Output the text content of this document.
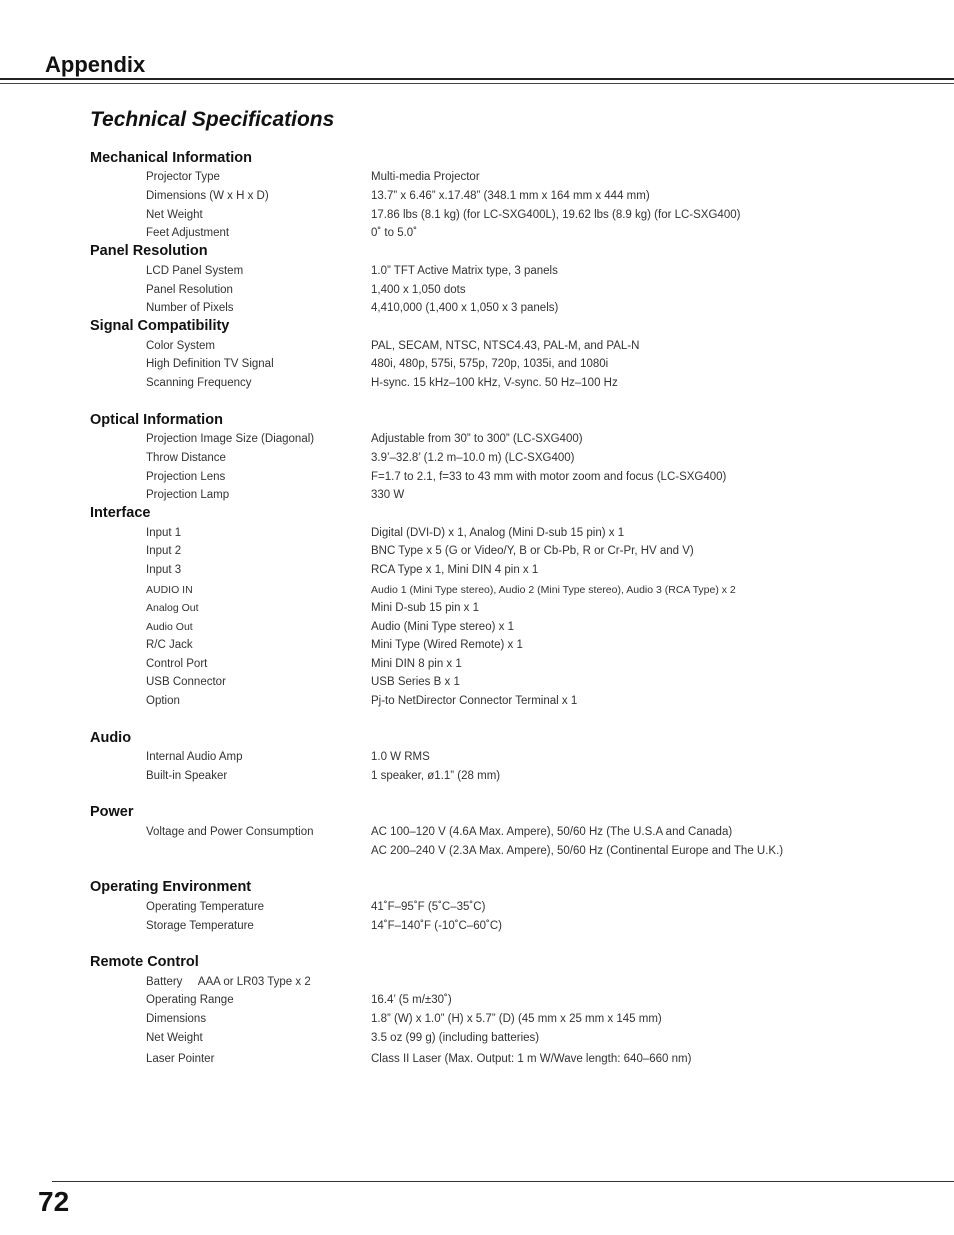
Appendix
Technical Specifications
Mechanical Information
Projector Type	Multi-media Projector
Dimensions (W x H x D)	13.7” x 6.46” x.17.48” (348.1 mm x 164 mm x 444 mm)
Net Weight	17.86 lbs (8.1 kg) (for LC-SXG400L), 19.62 lbs (8.9 kg) (for LC-SXG400)
Feet Adjustment	0˚ to 5.0˚
Panel Resolution
LCD Panel System	1.0” TFT Active Matrix type, 3 panels
Panel Resolution	1,400 x 1,050 dots
Number of Pixels	4,410,000 (1,400 x 1,050 x 3 panels)
Signal Compatibility
Color System	PAL, SECAM, NTSC, NTSC4.43, PAL-M, and PAL-N
High Definition TV Signal	480i, 480p, 575i, 575p, 720p, 1035i, and 1080i
Scanning Frequency	H-sync. 15 kHz–100 kHz, V-sync. 50 Hz–100 Hz
Optical Information
Projection Image Size (Diagonal)	Adjustable from 30” to 300” (LC-SXG400)
Throw Distance	3.9’–32.8’ (1.2 m–10.0 m) (LC-SXG400)
Projection Lens	F=1.7 to 2.1, f=33 to 43 mm with motor zoom and focus (LC-SXG400)
Projection Lamp	330 W
Interface
Input 1	Digital (DVI-D) x 1, Analog (Mini D-sub 15 pin) x 1
Input 2	BNC Type x 5 (G or Video/Y, B or Cb-Pb, R or Cr-Pr, HV and V)
Input 3	RCA Type x 1, Mini DIN 4 pin x 1
AUDIO IN	Audio 1 (Mini Type stereo), Audio 2 (Mini Type stereo), Audio 3 (RCA Type) x 2
Analog Out	Mini D-sub 15 pin x 1
Audio Out	Audio (Mini Type stereo) x 1
R/C Jack	Mini Type (Wired Remote) x 1
Control Port	Mini DIN 8 pin x 1
USB Connector	USB Series B x 1
Option	Pj-to NetDirector Connector Terminal x 1
Audio
Internal Audio Amp	1.0 W RMS
Built-in Speaker	1 speaker, ø1.1” (28 mm)
Power
Voltage and Power Consumption	AC 100–120 V (4.6A Max. Ampere), 50/60 Hz (The U.S.A and Canada)
AC 200–240 V (2.3A Max. Ampere), 50/60 Hz (Continental Europe and The U.K.)
Operating Environment
Operating Temperature	41˚F–95˚F (5˚C–35˚C)
Storage Temperature	14˚F–140˚F (-10˚C–60˚C)
Remote Control
Battery     AAA or LR03 Type x 2
Operating Range	16.4’ (5 m/±30˚)
Dimensions	1.8” (W) x 1.0” (H) x 5.7” (D) (45 mm x 25 mm x 145 mm)
Net Weight	3.5 oz (99 g) (including batteries)
Laser Pointer	Class II Laser (Max. Output: 1 m W/Wave length: 640–660 nm)
72
